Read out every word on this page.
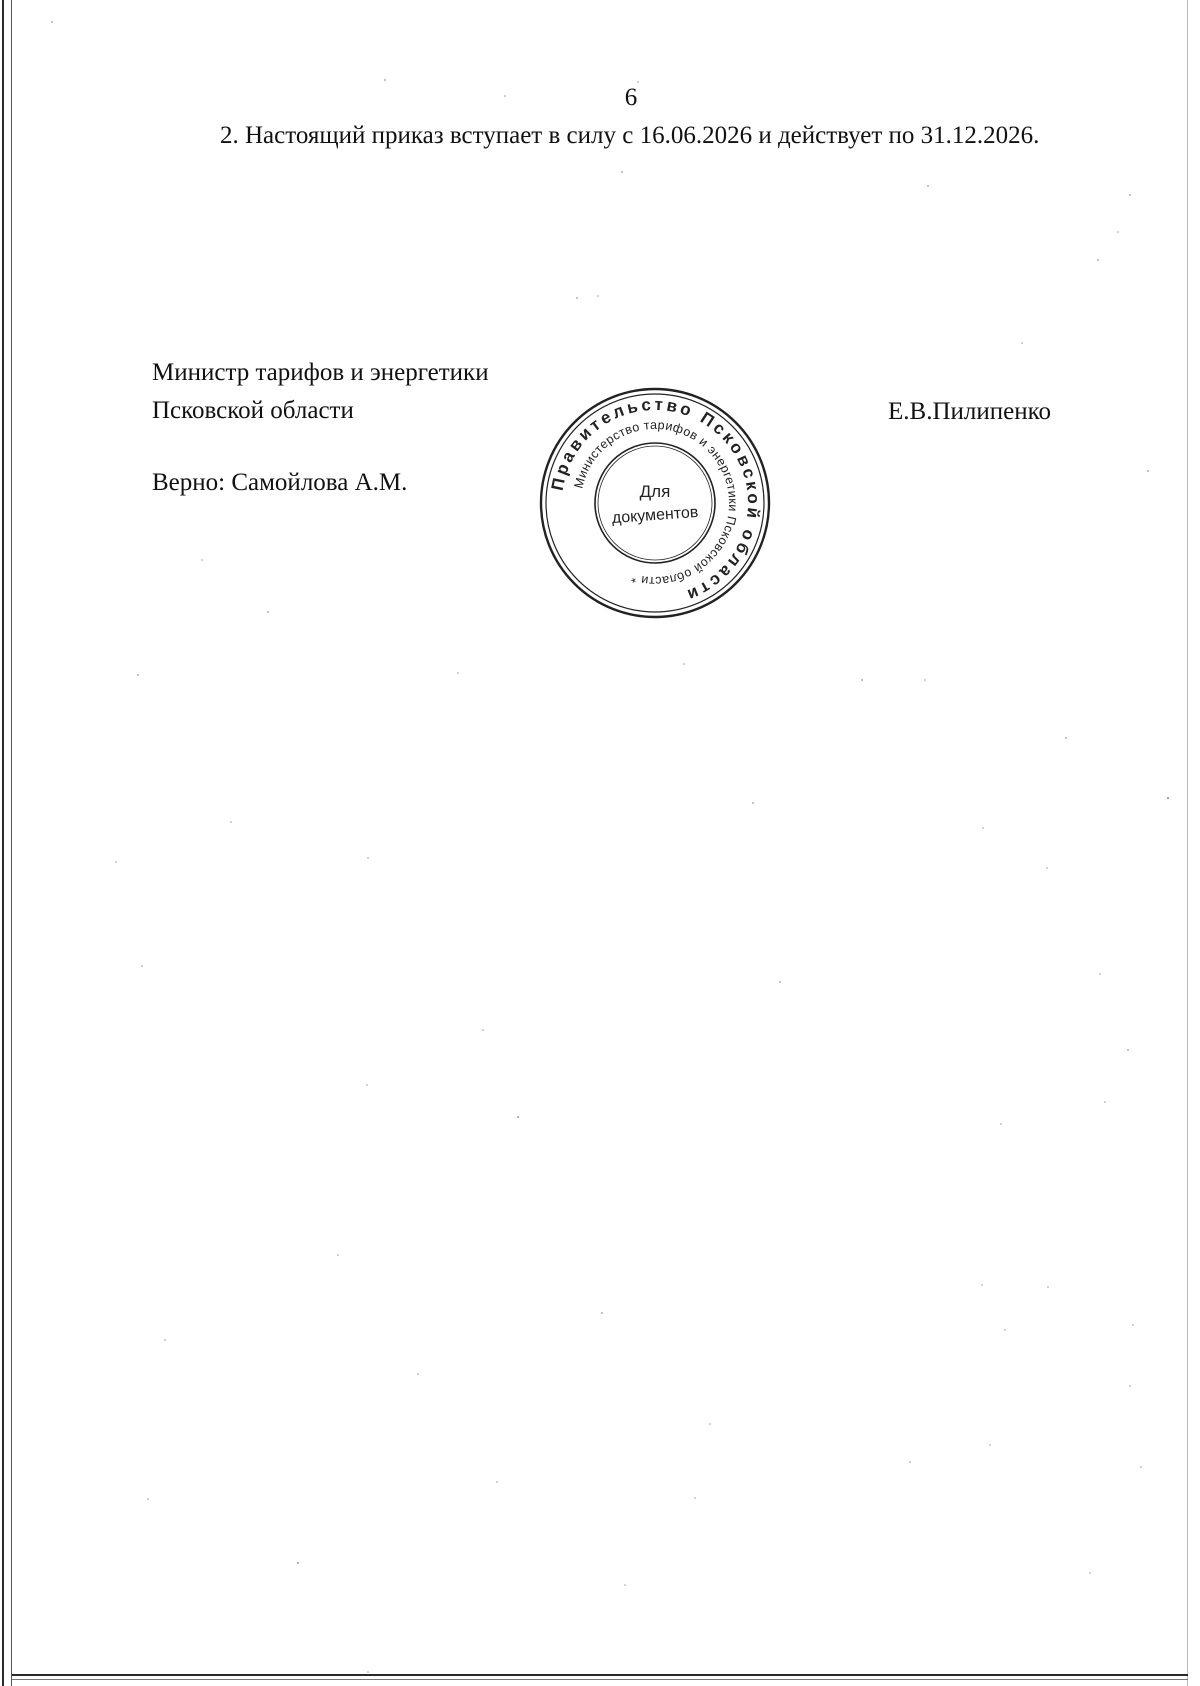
6
2. Настоящий приказ вступает в силу с 16.06.2026 и действует по 31.12.2026.
Министр тарифов и энергетики
Псковской области	Е.В.Пилипенко
Верно: Самойлова А.М.	Правительство Псковской области
Министерство тарифов и энергетики Псковской области *
Для
документов
